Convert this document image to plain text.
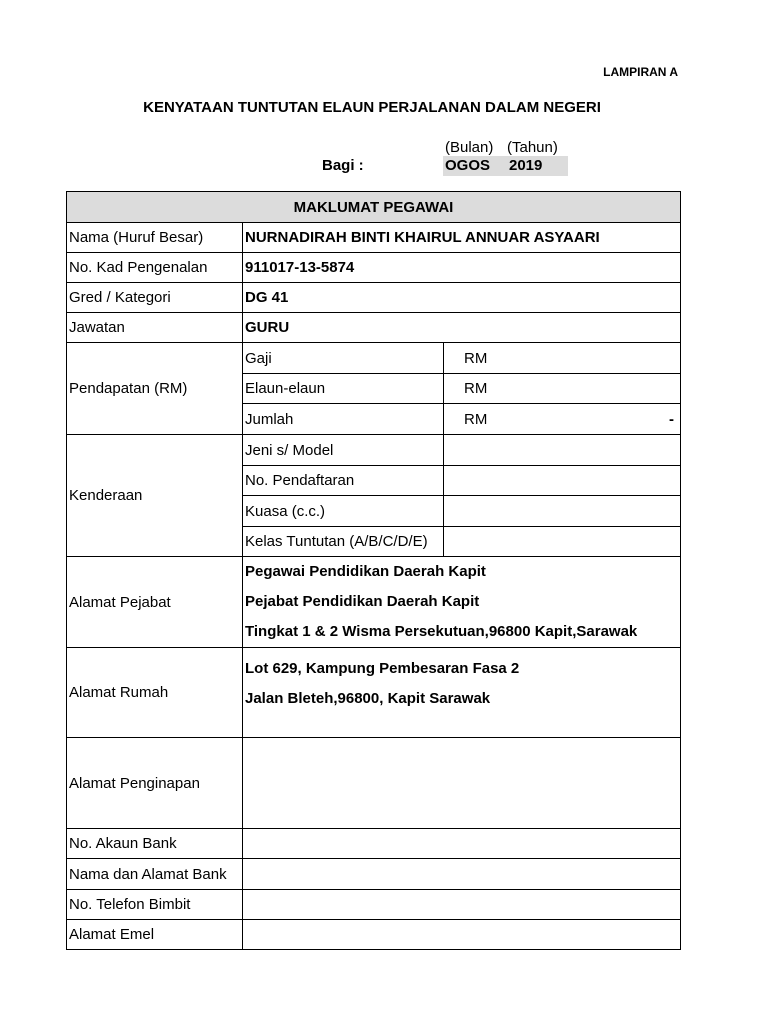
LAMPIRAN A
KENYATAAN TUNTUTAN ELAUN PERJALANAN DALAM NEGERI
(Bulan) (Tahun)
Bagi :	OGOS 2019
MAKLUMAT PEGAWAI		
Nama (Huruf Besar)	NURNADIRAH BINTI KHAIRUL ANNUAR ASYAARI	
No. Kad Pengenalan	911017-13-5874	
Gred / Kategori	DG 41	
Jawatan	GURU	
Pendapatan (RM)	Gaji	RM

	Elaun-elaun	RM

	Jumlah	RM -

Kenderaan	Jeni s/ Model	
	No. Pendaftaran	
	Kuasa (c.c.)	
	Kelas Tuntutan (A/B/C/D/E)	
Alamat Pejabat	Pegawai Pendidikan Daerah Kapit
Pejabat Pendidikan Daerah Kapit
Tingkat 1 & 2 Wisma Persekutuan,96800 Kapit,Sarawak	

Alamat Rumah	Lot 629, Kampung Pembesaran Fasa 2
Jalan Bleteh,96800, Kapit Sarawak	

Alamat Penginapan		
No. Akaun Bank		
Nama dan Alamat Bank		
No. Telefon Bimbit		
Alamat Emel		
